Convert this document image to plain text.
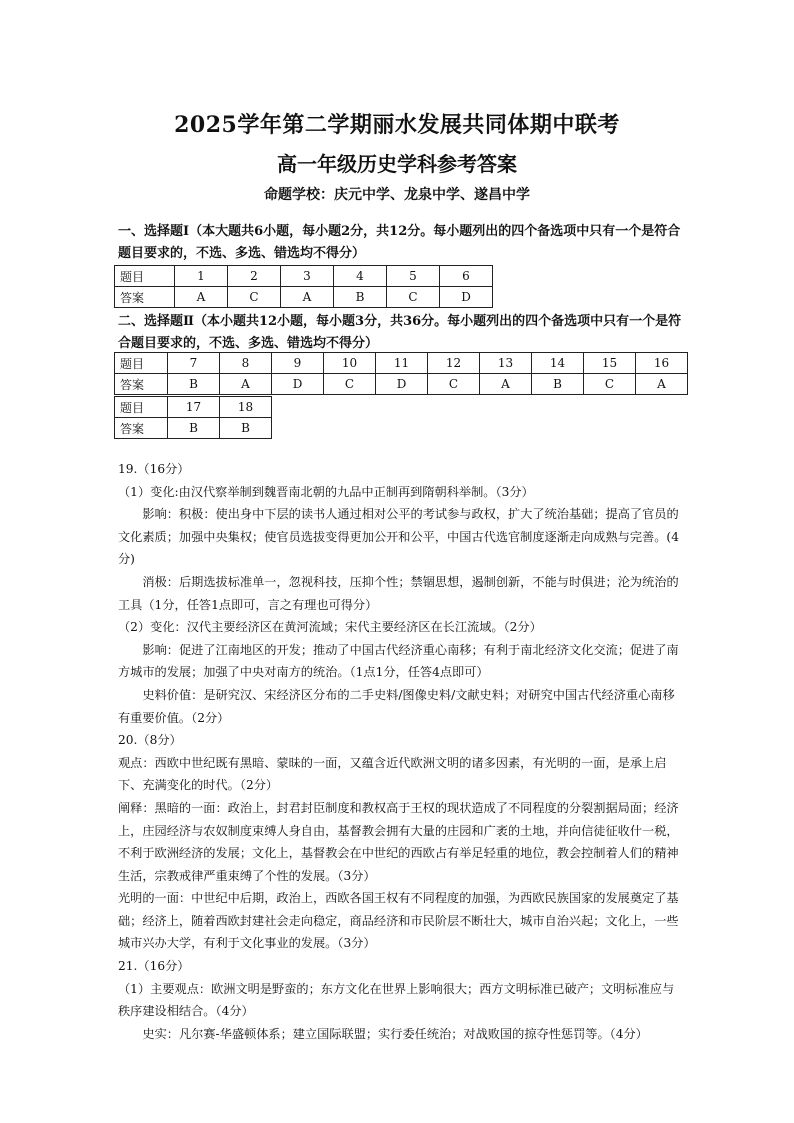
2025学年第二学期丽水发展共同体期中联考
高一年级历史学科参考答案
命题学校：庆元中学、龙泉中学、遂昌中学

一、选择题Ⅰ（本大题共6小题，每小题2分，共12分。每小题列出的四个备选项中只有一个是符合题目要求的，不选、多选、错选均不得分）

题目	1	2	3	4	5	6
答案	A	C	A	B	C	D

二、选择题Ⅱ（本小题共12小题，每小题3分，共36分。每小题列出的四个备选项中只有一个是符合题目要求的，不选、多选、错选均不得分）

题目	7	8	9	10	11	12	13	14	15	16
答案	B	A	D	C	D	C	A	B	C	A
题目	17	18
答案	B	B

19.（16分）

（1）变化:由汉代察举制到魏晋南北朝的九品中正制再到隋朝科举制。（3分）

影响：积极：使出身中下层的读书人通过相对公平的考试参与政权，扩大了统治基础；提高了官员的文化素质；加强中央集权；使官员选拔变得更加公开和公平，中国古代选官制度逐渐走向成熟与完善。(4分)

消极：后期选拔标准单一，忽视科技，压抑个性；禁锢思想，遏制创新，不能与时俱进；沦为统治的工具（1分，任答1点即可，言之有理也可得分）

（2）变化：汉代主要经济区在黄河流域；宋代主要经济区在长江流域。（2分）

影响：促进了江南地区的开发；推动了中国古代经济重心南移；有利于南北经济文化交流；促进了南方城市的发展；加强了中央对南方的统治。（1点1分，任答4点即可）

史料价值：是研究汉、宋经济区分布的二手史料/图像史料/文献史料；对研究中国古代经济重心南移有重要价值。（2分）

20.（8分）

观点：西欧中世纪既有黑暗、蒙昧的一面，又蕴含近代欧洲文明的诸多因素，有光明的一面，是承上启下、充满变化的时代。（2分）

阐释：黑暗的一面：政治上，封君封臣制度和教权高于王权的现状造成了不同程度的分裂割据局面；经济上，庄园经济与农奴制度束缚人身自由，基督教会拥有大量的庄园和广袤的土地，并向信徒征收什一税，不利于欧洲经济的发展；文化上，基督教会在中世纪的西欧占有举足轻重的地位，教会控制着人们的精神生活，宗教戒律严重束缚了个性的发展。（3分）

光明的一面：中世纪中后期，政治上，西欧各国王权有不同程度的加强，为西欧民族国家的发展奠定了基础；经济上，随着西欧封建社会走向稳定，商品经济和市民阶层不断壮大，城市自治兴起；文化上，一些城市兴办大学，有利于文化事业的发展。（3分）

21.（16分）

（1）主要观点：欧洲文明是野蛮的；东方文化在世界上影响很大；西方文明标准已破产；文明标准应与秩序建设相结合。（4分）

史实：凡尔赛-华盛顿体系；建立国际联盟；实行委任统治；对战败国的掠夺性惩罚等。（4分）
